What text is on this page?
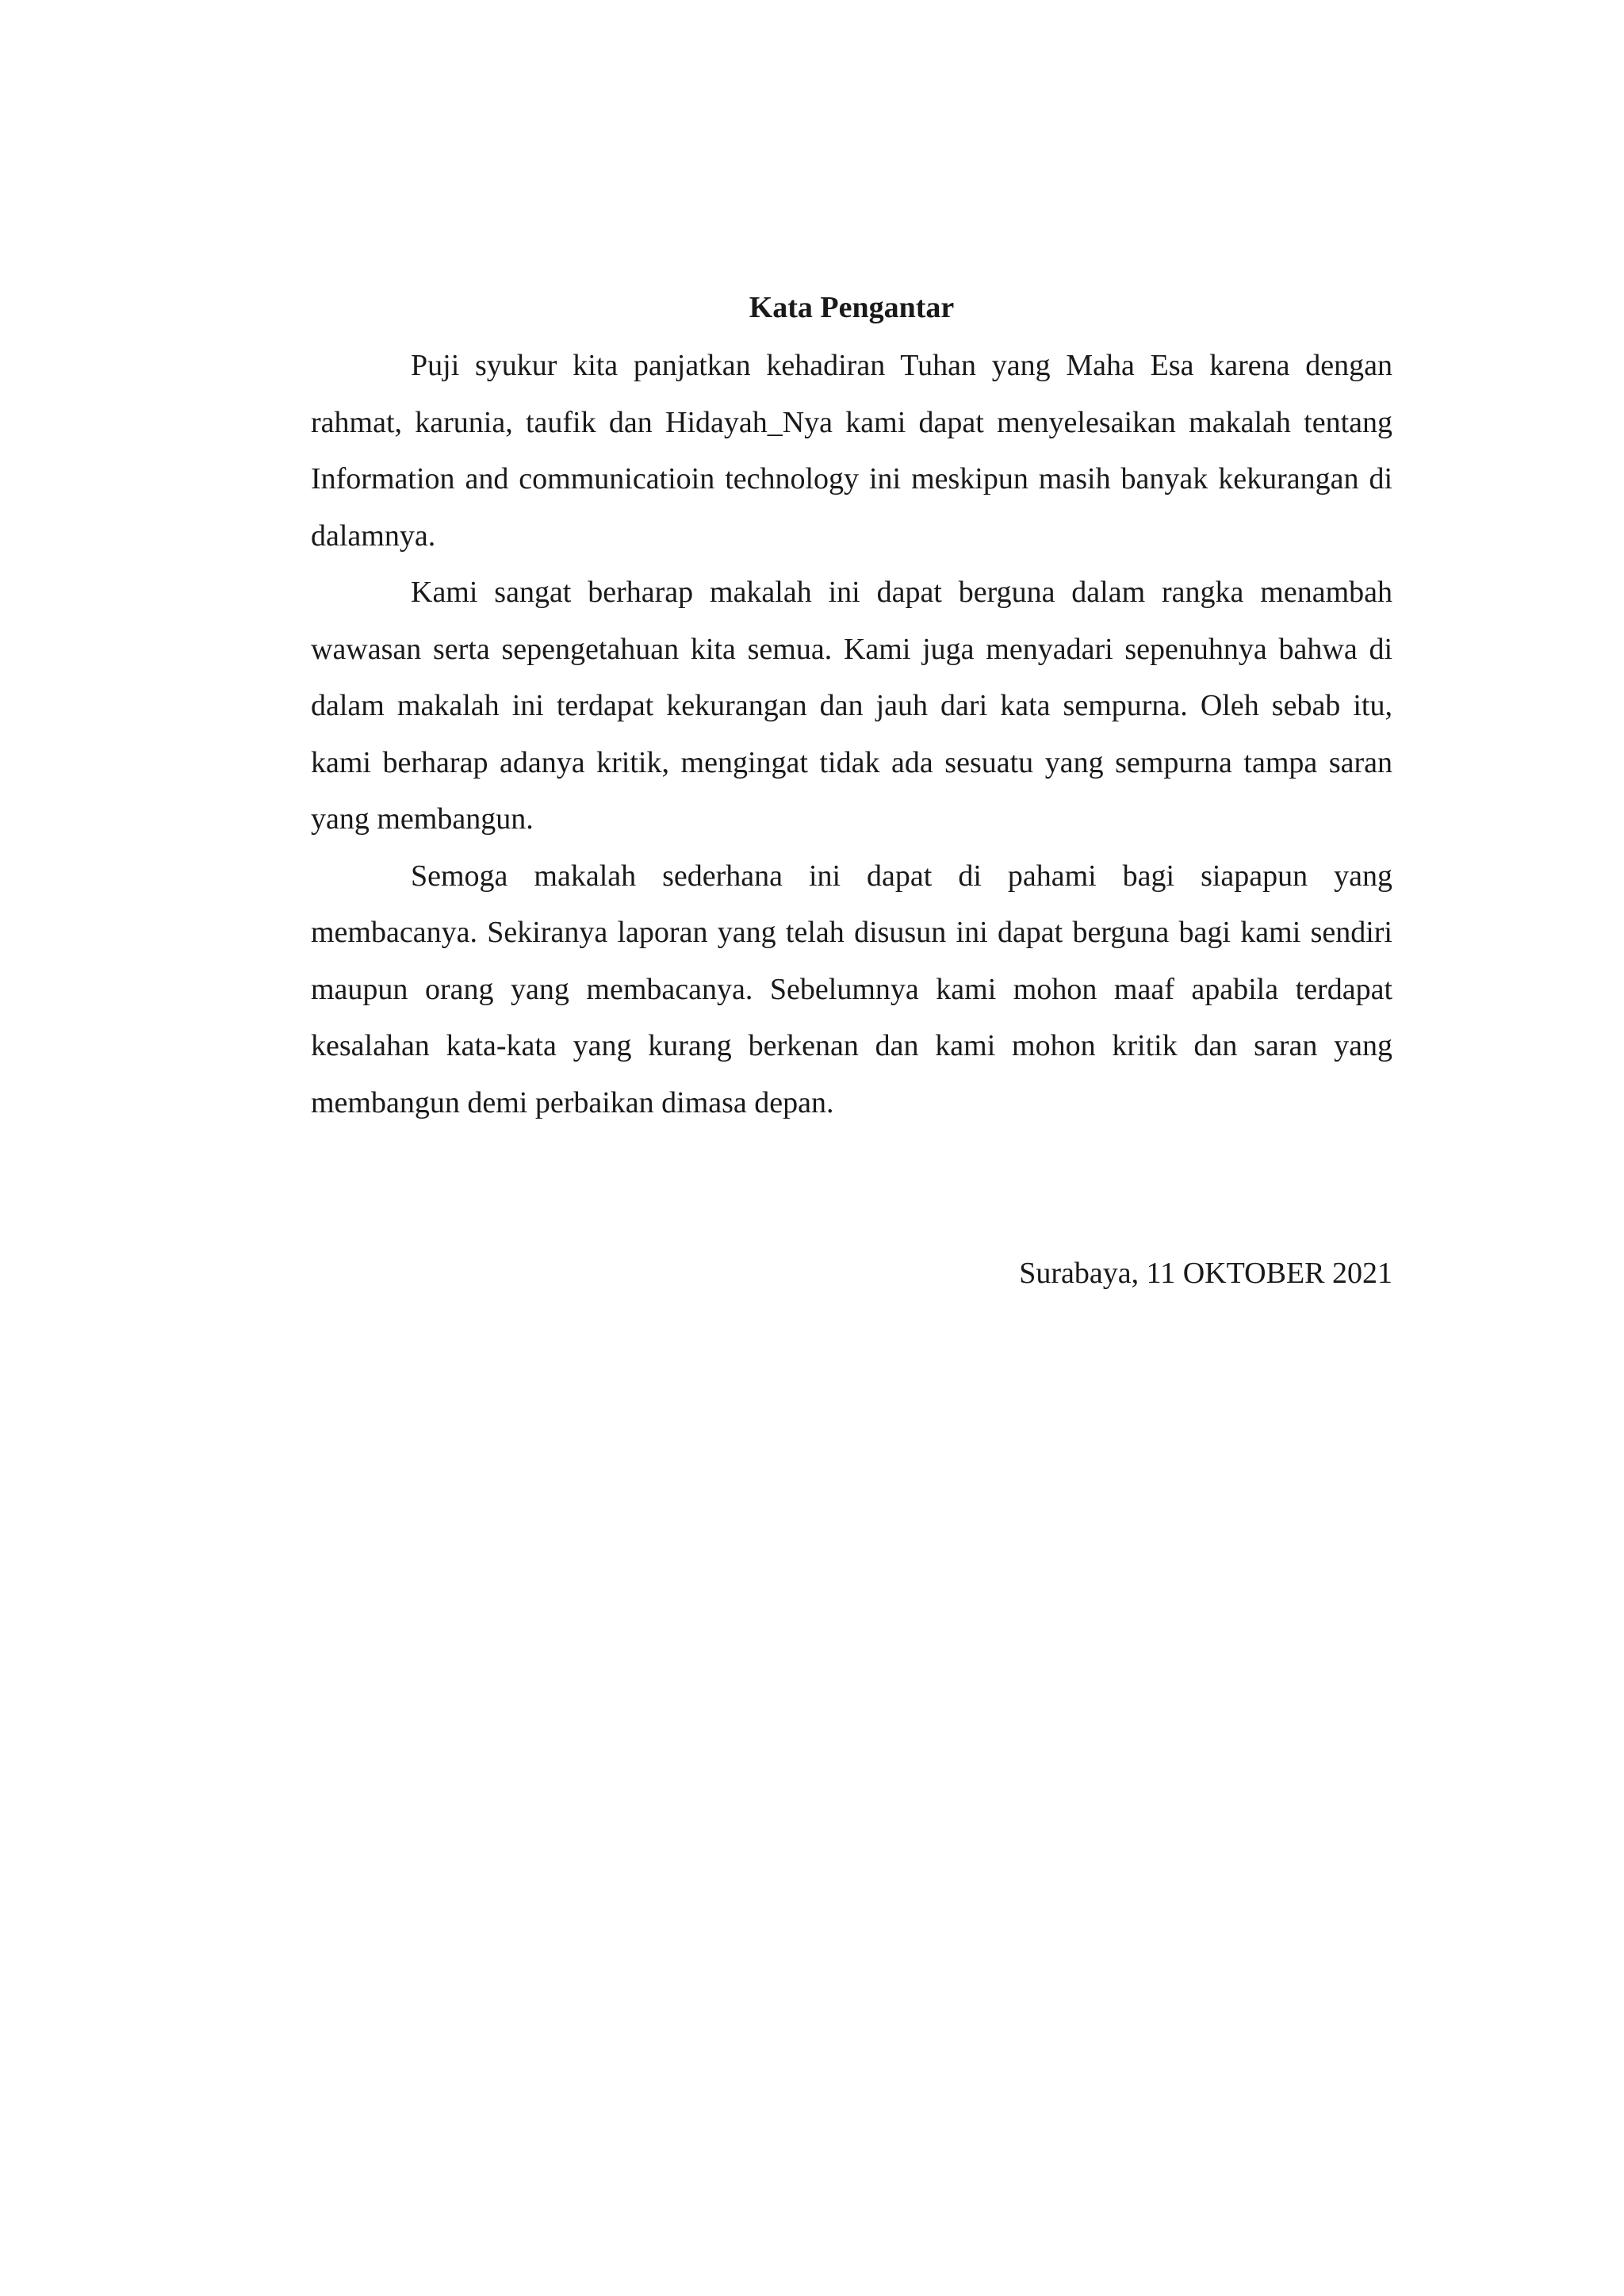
Kata Pengantar

Puji syukur kita panjatkan kehadiran Tuhan yang Maha Esa karena dengan rahmat, karunia, taufik dan Hidayah_Nya kami dapat menyelesaikan makalah tentang Information and communicatioin technology ini meskipun masih banyak kekurangan di dalamnya.

Kami sangat berharap makalah ini dapat berguna dalam rangka menambah wawasan serta sepengetahuan kita semua. Kami juga menyadari sepenuhnya bahwa di dalam makalah ini terdapat kekurangan dan jauh dari kata sempurna. Oleh sebab itu, kami berharap adanya kritik, mengingat tidak ada sesuatu yang sempurna tampa saran yang membangun.

Semoga makalah sederhana ini dapat di pahami bagi siapapun yang membacanya. Sekiranya laporan yang telah disusun ini dapat berguna bagi kami sendiri maupun orang yang membacanya. Sebelumnya kami mohon maaf apabila terdapat kesalahan kata-kata yang kurang berkenan dan kami mohon kritik dan saran yang membangun demi perbaikan dimasa depan.

Surabaya, 11 OKTOBER 2021
